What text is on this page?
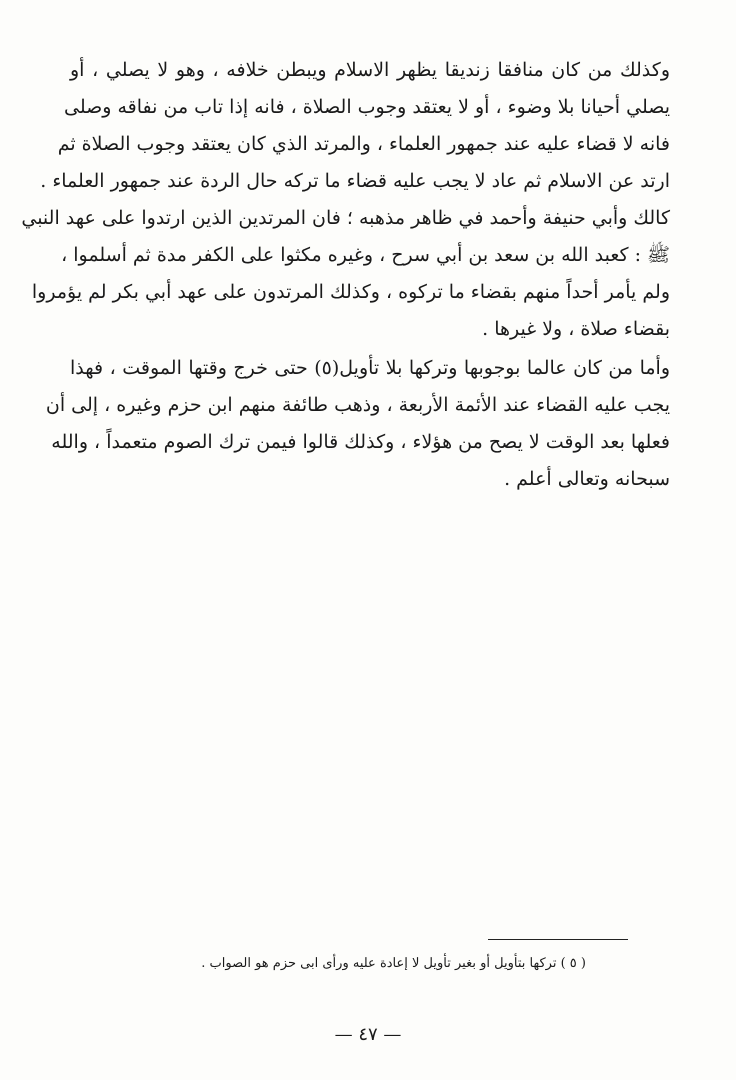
وكذلك من كان منافقا زنديقا يظهر الاسلام ويبطن خلافه ، وهو لا يصلي ، أو
يصلي أحيانا بلا وضوء ، أو لا يعتقد وجوب الصلاة ، فانه إذا تاب من نفاقه وصلى
فانه لا قضاء عليه عند جمهور العلماء ، والمرتد الذي كان يعتقد وجوب الصلاة ثم
ارتد عن الاسلام ثم عاد لا يجب عليه قضاء ما تركه حال الردة عند جمهور العلماء .
كالك وأبي حنيفة وأحمد في ظاهر مذهبه ؛ فان المرتدين الذين ارتدوا على عهد النبي
ﷺ : كعبد الله بن سعد بن أبي سرح ، وغيره مكثوا على الكفر مدة ثم أسلموا ،
ولم يأمر أحداً منهم بقضاء ما تركوه ، وكذلك المرتدون على عهد أبي بكر لم يؤمروا
بقضاء صلاة ، ولا غيرها .
وأما من كان عالما بوجوبها وتركها بلا تأويل(٥) حتى خرج وقتها الموقت ، فهذا
يجب عليه القضاء عند الأئمة الأربعة ، وذهب طائفة منهم ابن حزم وغيره ، إلى أن
فعلها بعد الوقت لا يصح من هؤلاء ، وكذلك قالوا فيمن ترك الصوم متعمداً ، والله
سبحانه وتعالى أعلم .
( ٥ ) تركها بتأويل أو بغير تأويل لا إعادة عليه ورأى ابى حزم هو الصواب .
— ٤٧ —
